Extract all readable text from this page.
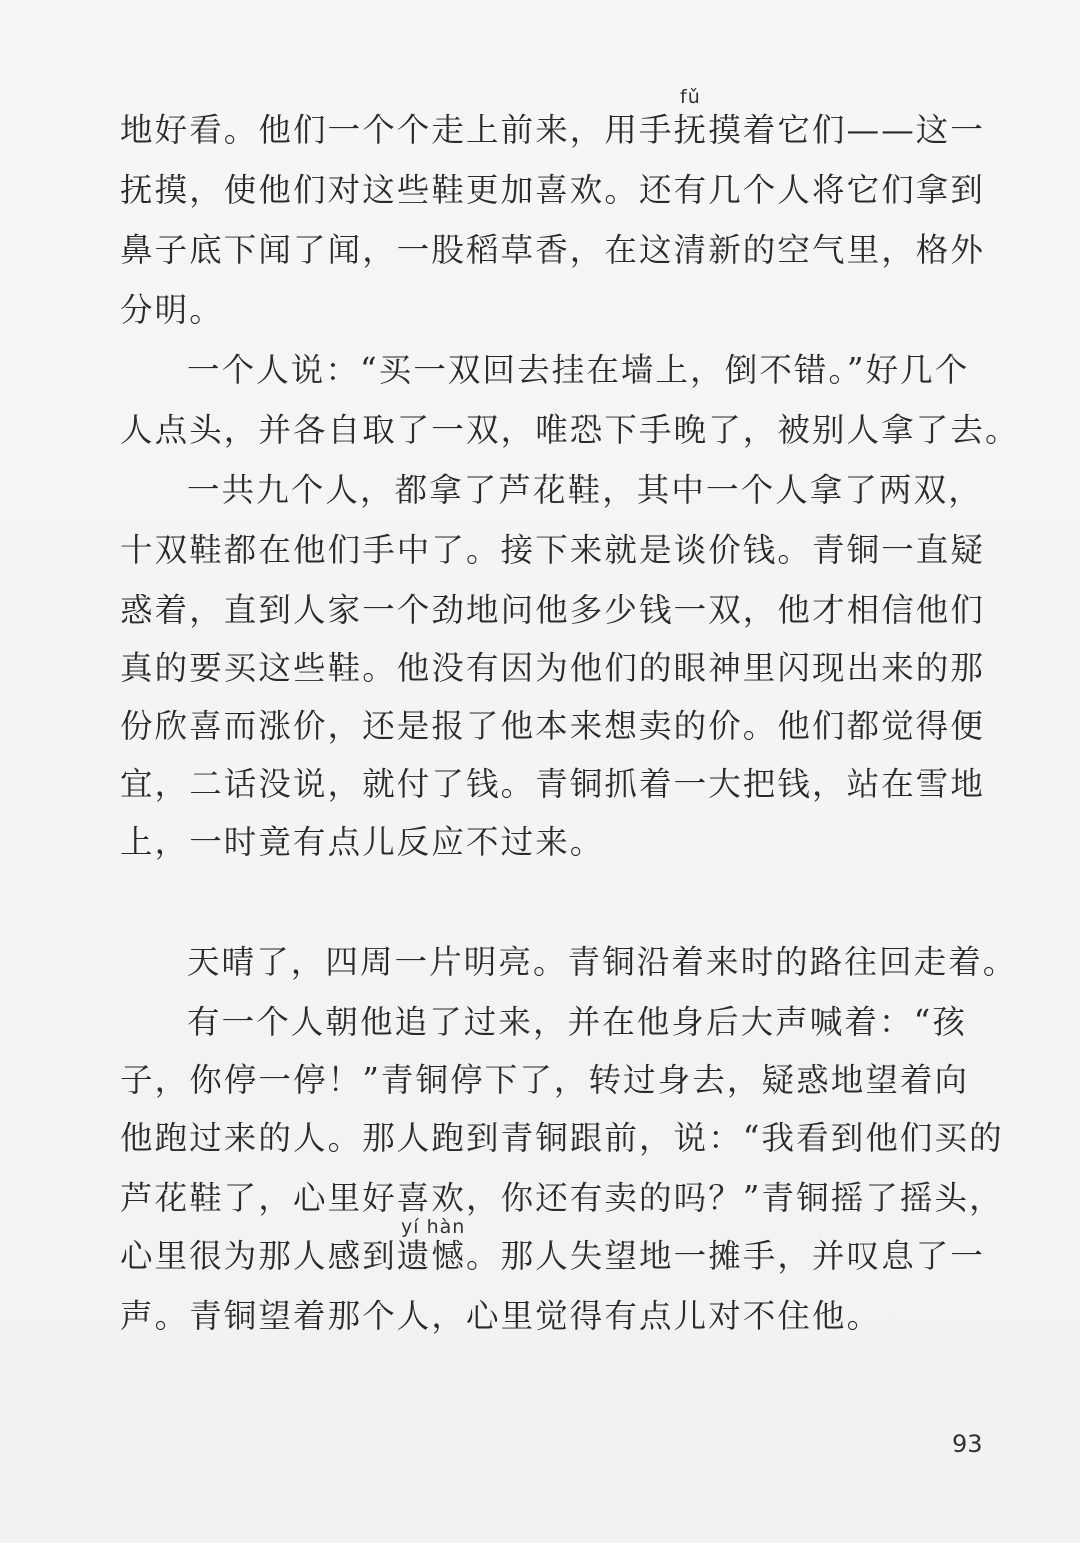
fǔ
地好看。他们一个个走上前来，用手抚摸着它们——这一
抚摸，使他们对这些鞋更加喜欢。还有几个人将它们拿到
鼻子底下闻了闻，一股稻草香，在这清新的空气里，格外
分明。
一个人说：“买一双回去挂在墙上，倒不错。”好几个
人点头，并各自取了一双，唯恐下手晚了，被别人拿了去。
一共九个人，都拿了芦花鞋，其中一个人拿了两双，
十双鞋都在他们手中了。接下来就是谈价钱。青铜一直疑
惑着，直到人家一个劲地问他多少钱一双，他才相信他们
真的要买这些鞋。他没有因为他们的眼神里闪现出来的那
份欣喜而涨价，还是报了他本来想卖的价。他们都觉得便
宜，二话没说，就付了钱。青铜抓着一大把钱，站在雪地
上，一时竟有点儿反应不过来。
天晴了，四周一片明亮。青铜沿着来时的路往回走着。
有一个人朝他追了过来，并在他身后大声喊着：“孩
子，你停一停！”青铜停下了，转过身去，疑惑地望着向
他跑过来的人。那人跑到青铜跟前，说：“我看到他们买的
芦花鞋了，心里好喜欢，你还有卖的吗？”青铜摇了摇头，
yí hàn
心里很为那人感到遗憾。那人失望地一摊手，并叹息了一
声。青铜望着那个人，心里觉得有点儿对不住他。
93
